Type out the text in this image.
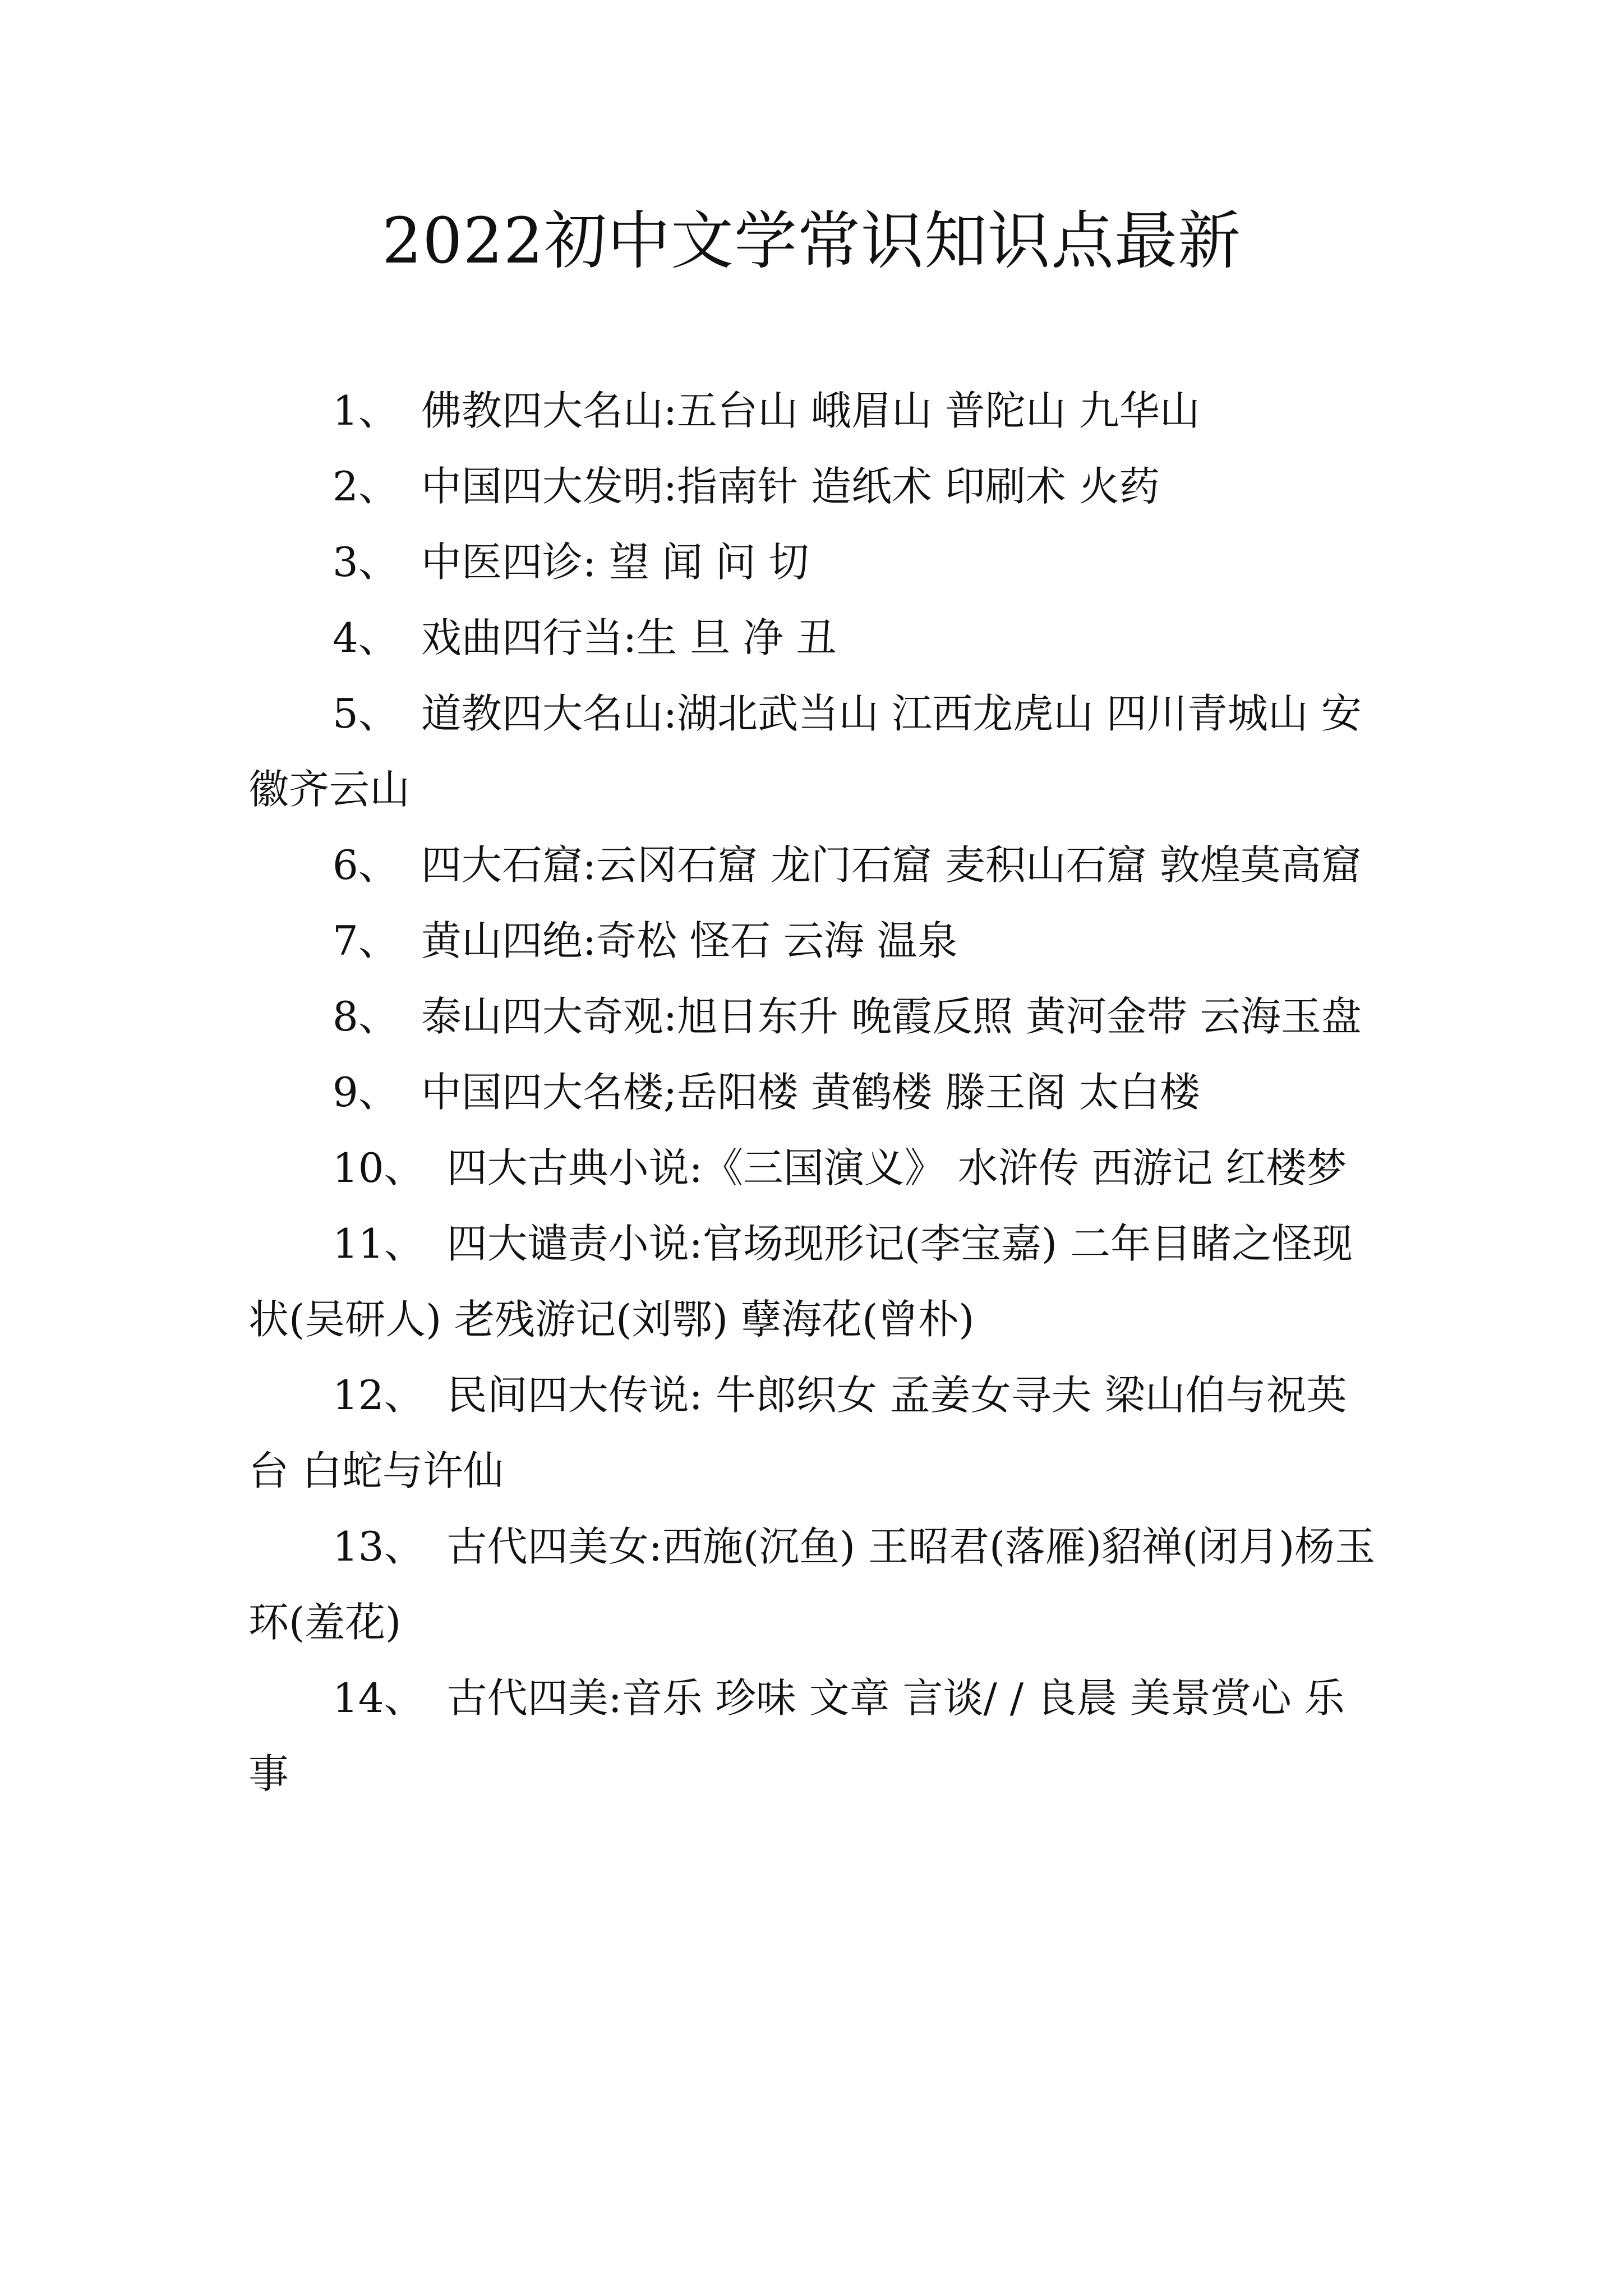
2022初中文学常识知识点最新
1、 佛教四大名山:五台山 峨眉山 普陀山 九华山
2、 中国四大发明:指南针 造纸术 印刷术 火药
3、 中医四诊: 望 闻 问 切
4、 戏曲四行当:生 旦 净 丑
5、 道教四大名山:湖北武当山 江西龙虎山 四川青城山 安徽齐云山
6、 四大石窟:云冈石窟 龙门石窟 麦积山石窟 敦煌莫高窟
7、 黄山四绝:奇松 怪石 云海 温泉
8、 泰山四大奇观:旭日东升 晚霞反照 黄河金带 云海玉盘
9、 中国四大名楼;岳阳楼 黄鹤楼 滕王阁 太白楼
10、 四大古典小说:《三国演义》 水浒传 西游记 红楼梦
11、 四大谴责小说:官场现形记(李宝嘉) 二年目睹之怪现状(吴研人) 老残游记(刘鄂) 孽海花(曾朴)
12、 民间四大传说: 牛郎织女 孟姜女寻夫 梁山伯与祝英台 白蛇与许仙
13、 古代四美女:西施(沉鱼) 王昭君(落雁)貂禅(闭月)杨玉环(羞花)
14、 古代四美:音乐 珍味 文章 言谈/ / 良晨 美景赏心 乐事
